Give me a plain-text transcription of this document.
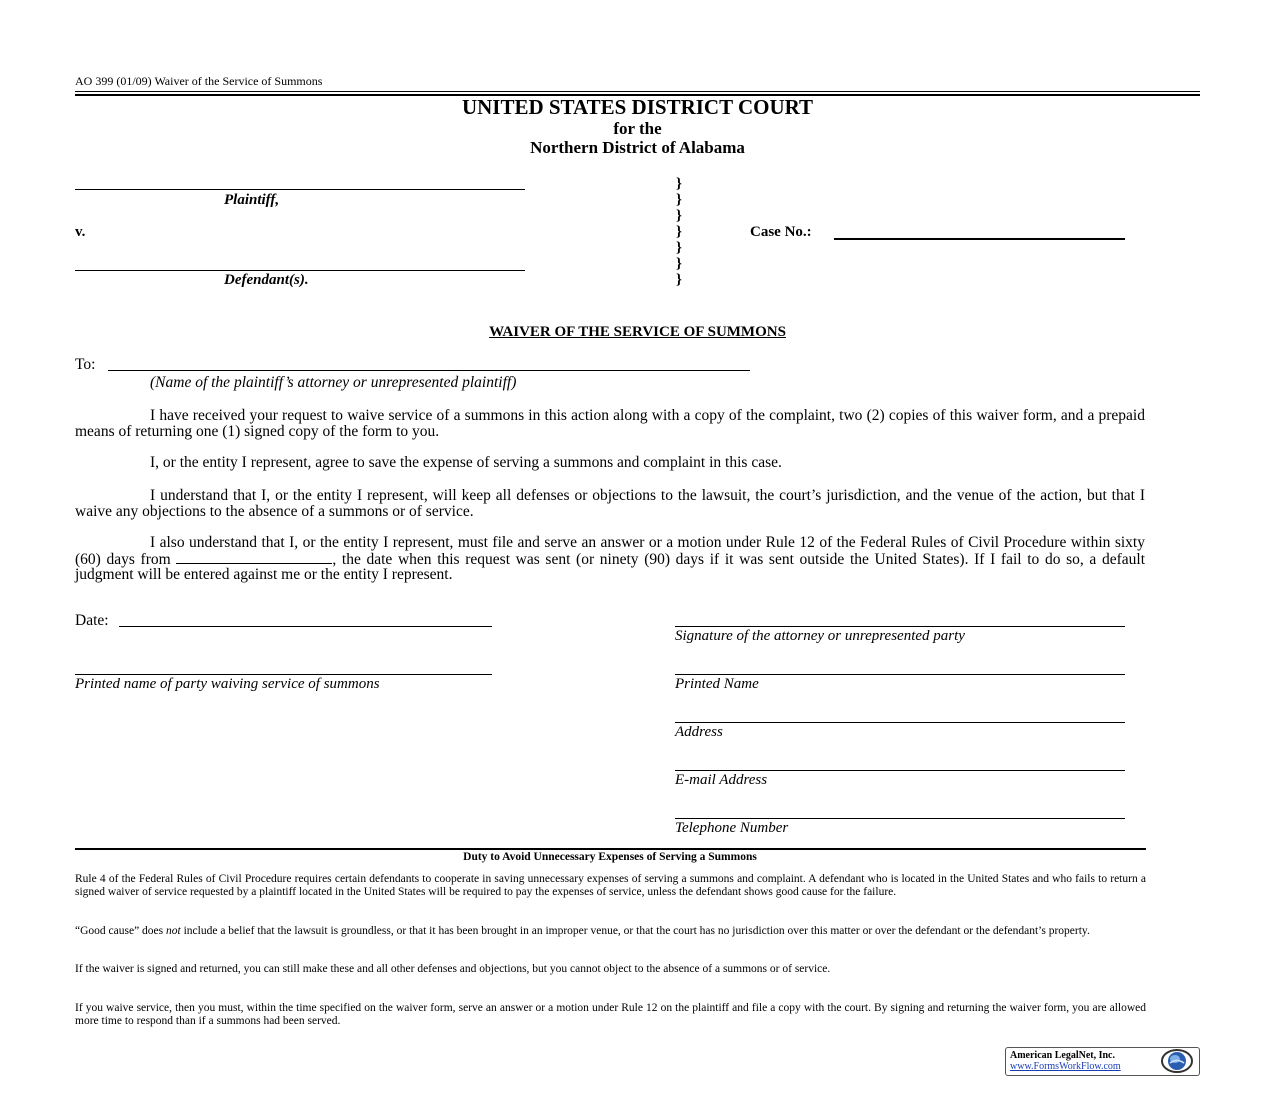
AO 399 (01/09) Waiver of the Service of Summons
UNITED STATES DISTRICT COURT
for the
Northern District of Alabama
Plaintiff,
v.
Defendant(s).
}
}
}
}
}
}
}
Case No.:
WAIVER OF THE SERVICE OF SUMMONS
To:
(Name of the plaintiff’s attorney or unrepresented plaintiff)
I have received your request to waive service of a summons in this action along with a copy of the complaint, two (2) copies of this waiver form, and a prepaid means of returning one (1) signed copy of the form to you.
I, or the entity I represent, agree to save the expense of serving a summons and complaint in this case.
I understand that I, or the entity I represent, will keep all defenses or objections to the lawsuit, the court’s jurisdiction, and the venue of the action, but that I waive any objections to the absence of a summons or of service.
I also understand that I, or the entity I represent, must file and serve an answer or a motion under Rule 12 of the Federal Rules of Civil Procedure within sixty (60) days from	, the date when this request was sent (or ninety (90) days if it was sent outside the United States). If I fail to do so, a default judgment will be entered against me or the entity I represent.
Date:
Signature of the attorney or unrepresented party
Printed name of party waiving service of summons	Printed Name
Address
E-mail Address
Telephone Number
Duty to Avoid Unnecessary Expenses of Serving a Summons
Rule 4 of the Federal Rules of Civil Procedure requires certain defendants to cooperate in saving unnecessary expenses of serving a summons and complaint. A defendant who is located in the United States and who fails to return a signed waiver of service requested by a plaintiff located in the United States will be required to pay the expenses of service, unless the defendant shows good cause for the failure.
“Good cause” does not include a belief that the lawsuit is groundless, or that it has been brought in an improper venue, or that the court has no jurisdiction over this matter or over the defendant or the defendant’s property.
If the waiver is signed and returned, you can still make these and all other defenses and objections, but you cannot object to the absence of a summons or of service.
If you waive service, then you must, within the time specified on the waiver form, serve an answer or a motion under Rule 12 on the plaintiff and file a copy with the court. By signing and returning the waiver form, you are allowed more time to respond than if a summons had been served.
American LegalNet, Inc.
www.FormsWorkFlow.com
